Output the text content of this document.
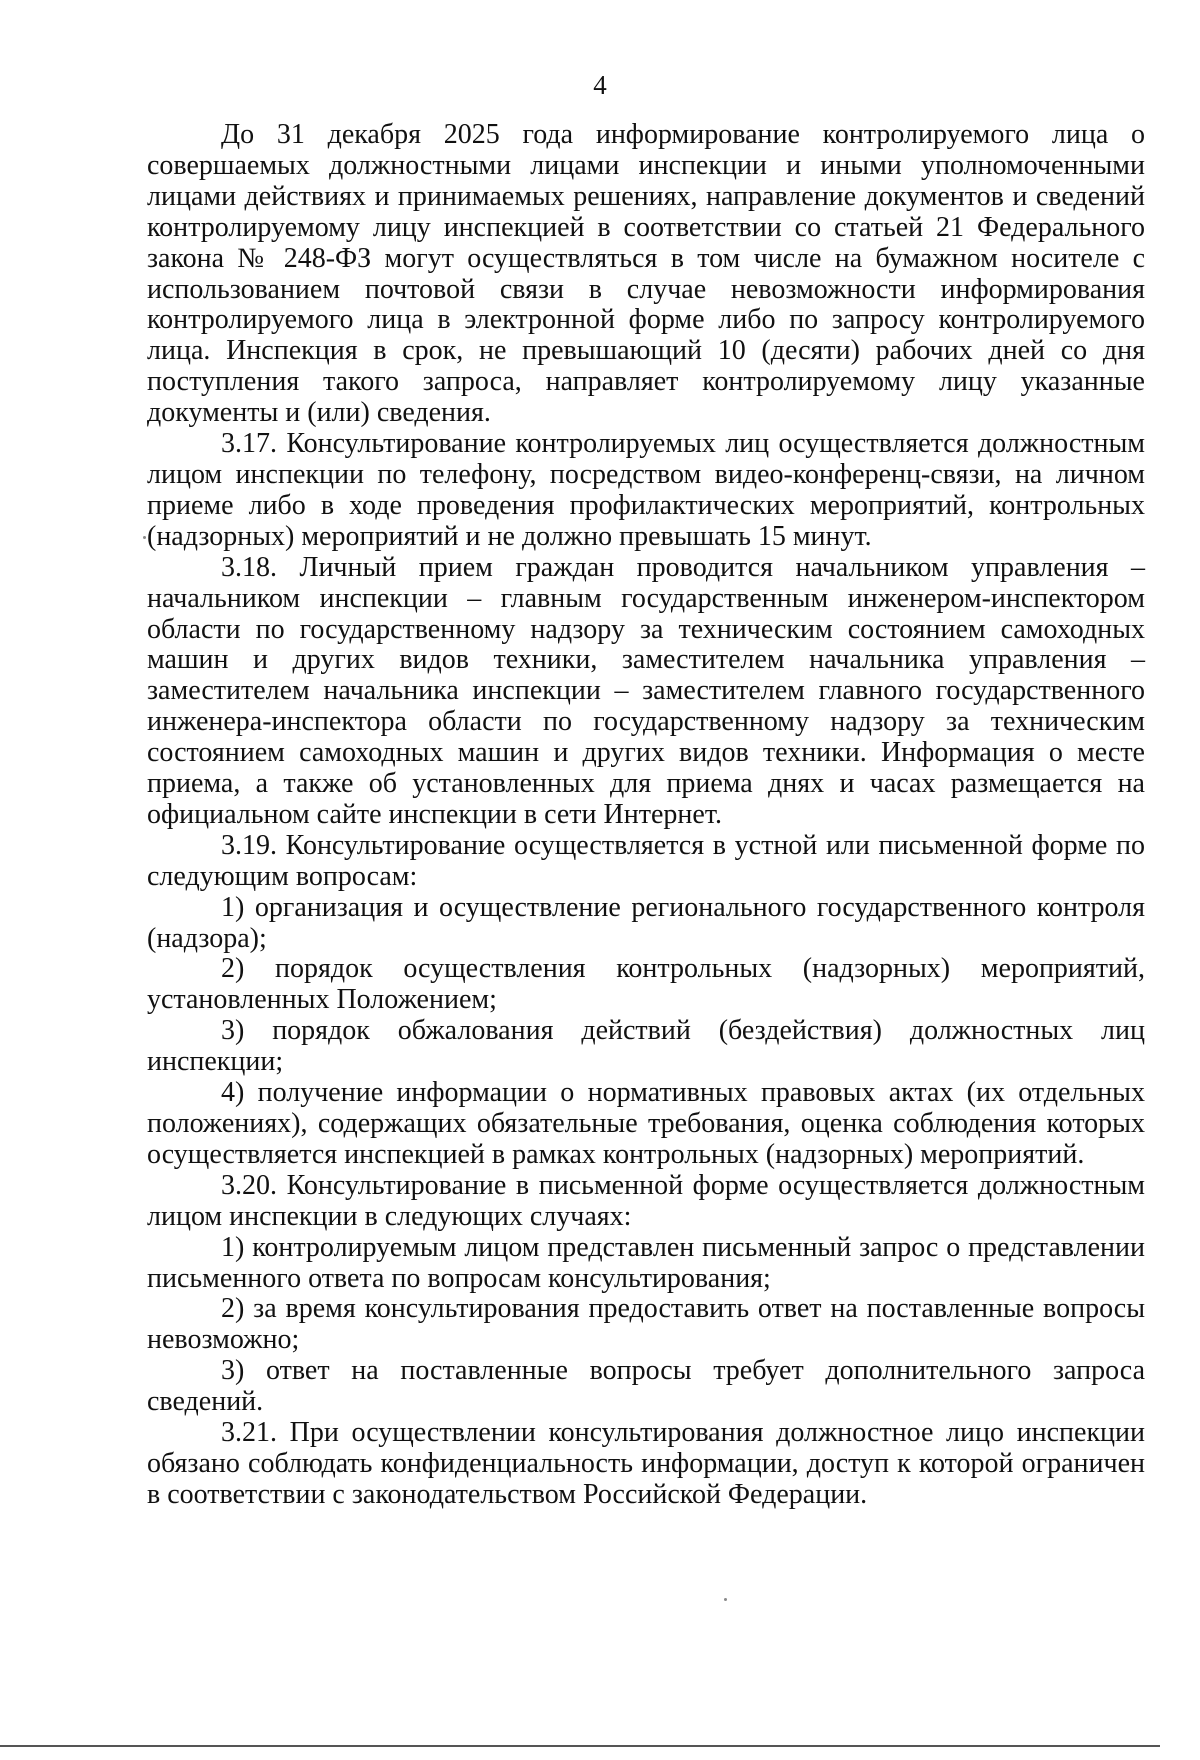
4

До 31 декабря 2025 года информирование контролируемого лица о совершаемых должностными лицами инспекции и иными уполномоченными лицами действиях и принимаемых решениях, направление документов и сведений контролируемому лицу инспекцией в соответствии со статьей 21 Федерального закона № 248-ФЗ могут осуществляться в том числе на бумажном носителе с использованием почтовой связи в случае невозможности информирования контролируемого лица в электронной форме либо по запросу контролируемого лица. Инспекция в срок, не превышающий 10 (десяти) рабочих дней со дня поступления такого запроса, направляет контролируемому лицу указанные документы и (или) сведения.

3.17. Консультирование контролируемых лиц осуществляется должностным лицом инспекции по телефону, посредством видео-конференц-связи, на личном приеме либо в ходе проведения профилактических мероприятий, контрольных (надзорных) мероприятий и не должно превышать 15 минут.

3.18. Личный прием граждан проводится начальником управления – начальником инспекции – главным государственным инженером-инспектором области по государственному надзору за техническим состоянием самоходных машин и других видов техники, заместителем начальника управления – заместителем начальника инспекции – заместителем главного государственного инженера-инспектора области по государственному надзору за техническим состоянием самоходных машин и других видов техники. Информация о месте приема, а также об установленных для приема днях и часах размещается на официальном сайте инспекции в сети Интернет.

3.19. Консультирование осуществляется в устной или письменной форме по следующим вопросам:

1) организация и осуществление регионального государственного контроля (надзора);

2) порядок осуществления контрольных (надзорных) мероприятий, установленных Положением;

3) порядок обжалования действий (бездействия) должностных лиц инспекции;

4) получение информации о нормативных правовых актах (их отдельных положениях), содержащих обязательные требования, оценка соблюдения которых осуществляется инспекцией в рамках контрольных (надзорных) мероприятий.

3.20. Консультирование в письменной форме осуществляется должностным лицом инспекции в следующих случаях:

1) контролируемым лицом представлен письменный запрос о представлении письменного ответа по вопросам консультирования;

2) за время консультирования предоставить ответ на поставленные вопросы невозможно;

3) ответ на поставленные вопросы требует дополнительного запроса сведений.

3.21. При осуществлении консультирования должностное лицо инспекции обязано соблюдать конфиденциальность информации, доступ к которой ограничен в соответствии с законодательством Российской Федерации.
